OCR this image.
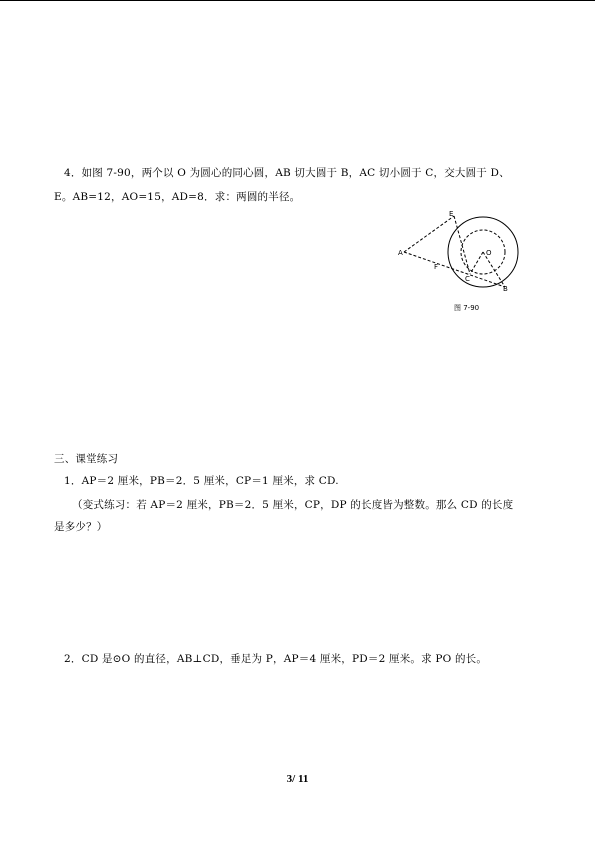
4．如图 7-90，两个以 O 为圆心的同心圆，AB 切大圆于 B，AC 切小圆于 C，交大圆于 D、
E。AB=12，AO=15，AD=8．求：两圆的半径。
A
E
F
C
O
B
图 7-90
三、课堂练习
1．AP＝2 厘米，PB＝2．5 厘米，CP＝1 厘米，求 CD.
（变式练习：若 AP＝2 厘米，PB＝2．5 厘米，CP，DP 的长度皆为整数。那么 CD 的长度
是多少？）
2．CD 是⊙O 的直径，AB⊥CD，垂足为 P，AP＝4 厘米，PD＝2 厘米。求 PO 的长。
3/ 11
